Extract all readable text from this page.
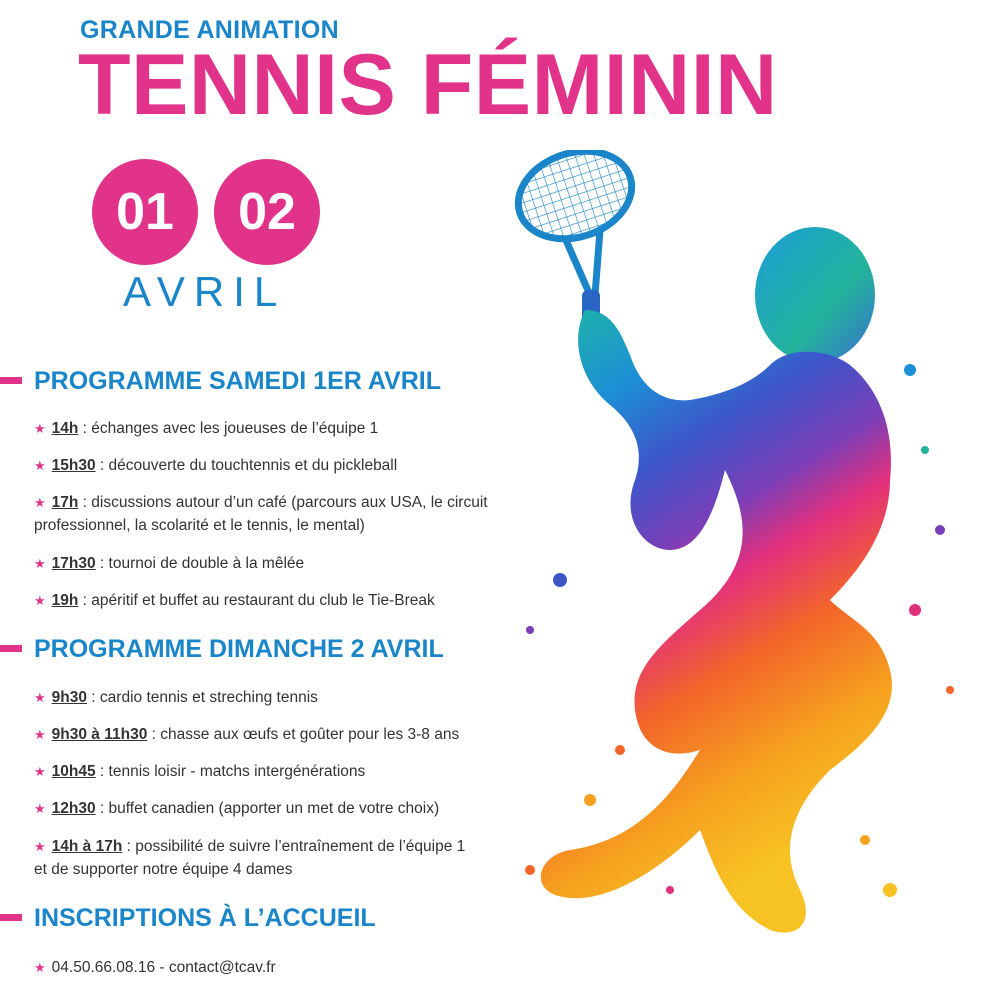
GRANDE ANIMATION
TENNIS FÉMININ
01	02
AVRIL
PROGRAMME SAMEDI 1ER AVRIL
★ 14h : échanges avec les joueuses de l’équipe 1
★ 15h30 : découverte du touchtennis et du pickleball
★ 17h : discussions autour d’un café (parcours aux USA, le circuit professionnel, la scolarité et le tennis, le mental)
★ 17h30 : tournoi de double à la mêlée
★ 19h : apéritif et buffet au restaurant du club le Tie-Break
PROGRAMME DIMANCHE 2 AVRIL
★ 9h30 : cardio tennis et streching tennis
★ 9h30 à 11h30 : chasse aux œufs et goûter pour les 3-8 ans
★ 10h45 : tennis loisir - matchs intergénérations
★ 12h30 : buffet canadien (apporter un met de votre choix)
★ 14h à 17h : possibilité de suivre l’entraînement de l’équipe 1 et de supporter notre équipe 4 dames
INSCRIPTIONS À L’ACCUEIL
★ 04.50.66.08.16 - contact@tcav.fr
